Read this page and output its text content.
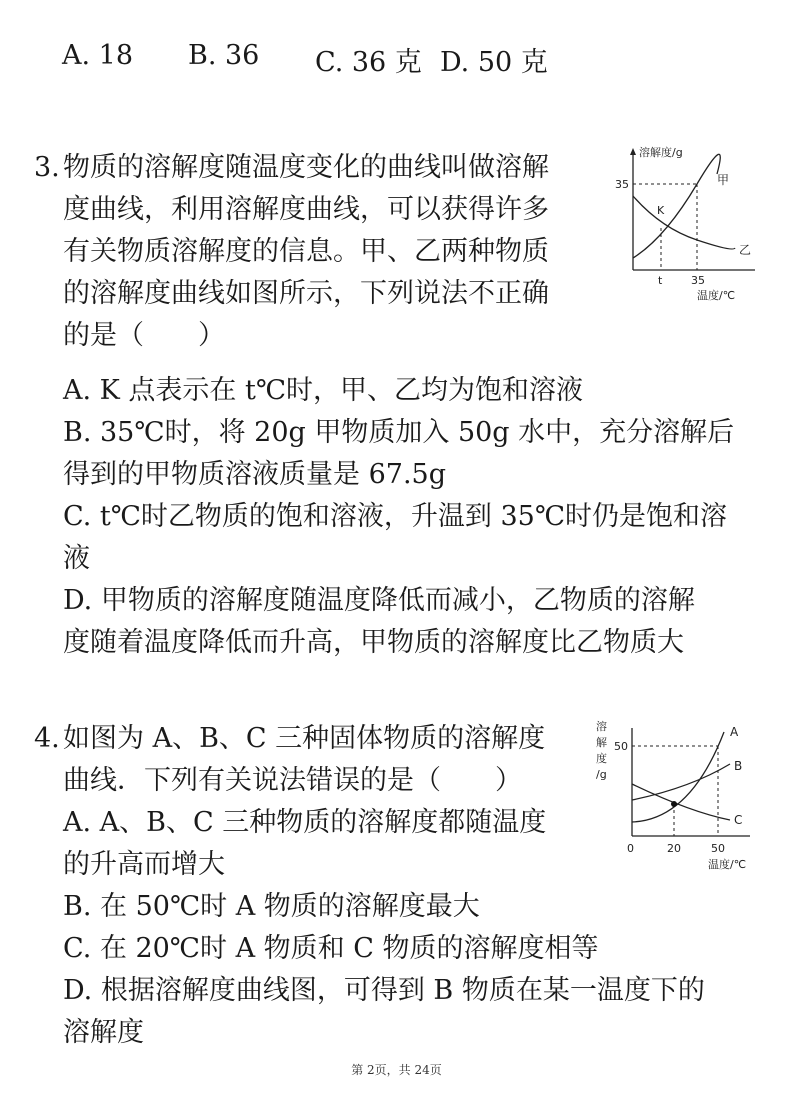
A. 18 B. 36 C. 36 克 D. 50 克
3. 物质的溶解度随温度变化的曲线叫做溶解
度曲线，利用溶解度曲线，可以获得许多
有关物质溶解度的信息。甲、乙两种物质
的溶解度曲线如图所示，下列说法不正确
的是（　　）
溶解度/g
35
K
甲
乙
t	35
温度/℃
A. K 点表示在 t℃时，甲、乙均为饱和溶液
B. 35℃时，将 20g 甲物质加入 50g 水中，充分溶解后
得到的甲物质溶液质量是 67.5g
C. t℃时乙物质的饱和溶液，升温到 35℃时仍是饱和溶
液
D. 甲物质的溶解度随温度降低而减小，乙物质的溶解
度随着温度降低而升高，甲物质的溶解度比乙物质大
4. 如图为 A、B、C 三种固体物质的溶解度
曲线．下列有关说法错误的是（　　）
A. A、B、C 三种物质的溶解度都随温度
的升高而增大
B. 在 50℃时 A 物质的溶解度最大
C. 在 20℃时 A 物质和 C 物质的溶解度相等
D. 根据溶解度曲线图，可得到 B 物质在某一温度下的
溶解度
溶
解
度
/g
50
A
B
C
0	20	50
温度/℃
第 2页，共 24页
